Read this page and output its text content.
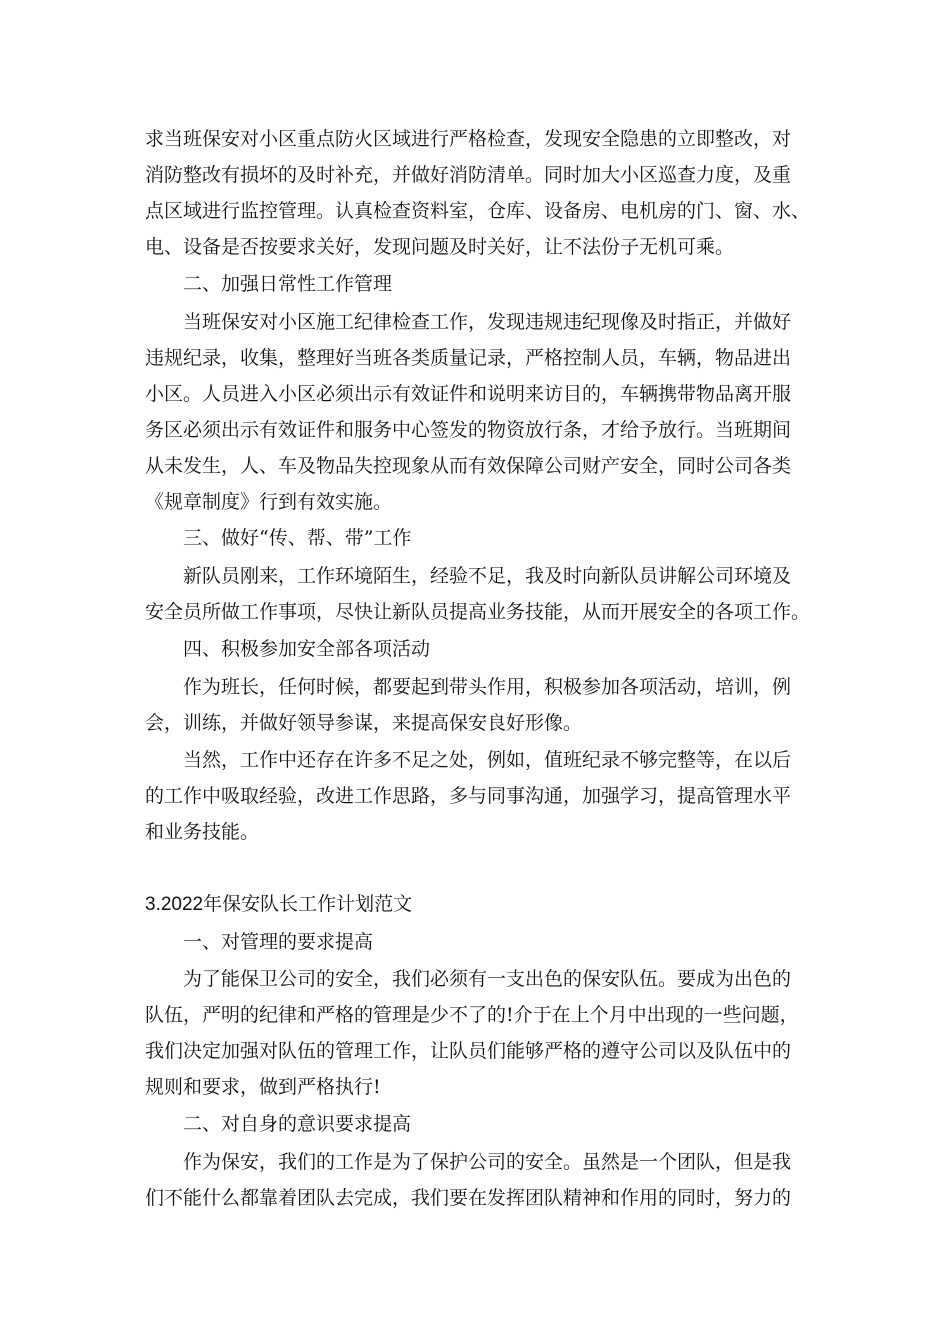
求当班保安对小区重点防火区域进行严格检查，发现安全隐患的立即整改，对
消防整改有损坏的及时补充，并做好消防清单。同时加大小区巡查力度，及重
点区域进行监控管理。认真检查资料室，仓库、设备房、电机房的门、窗、水、
电、设备是否按要求关好，发现问题及时关好，让不法份子无机可乘。
二、加强日常性工作管理
当班保安对小区施工纪律检查工作，发现违规违纪现像及时指正，并做好
违规纪录，收集，整理好当班各类质量记录，严格控制人员，车辆，物品进出
小区。人员进入小区必须出示有效证件和说明来访目的，车辆携带物品离开服
务区必须出示有效证件和服务中心签发的物资放行条，才给予放行。当班期间
从未发生，人、车及物品失控现象从而有效保障公司财产安全，同时公司各类
《规章制度》行到有效实施。
三、做好“传、帮、带”工作
新队员刚来，工作环境陌生，经验不足，我及时向新队员讲解公司环境及
安全员所做工作事项，尽快让新队员提高业务技能，从而开展安全的各项工作。
四、积极参加安全部各项活动
作为班长，任何时候，都要起到带头作用，积极参加各项活动，培训，例
会，训练，并做好领导参谋，来提高保安良好形像。
当然，工作中还存在许多不足之处，例如，值班纪录不够完整等，在以后
的工作中吸取经验，改进工作思路，多与同事沟通，加强学习，提高管理水平
和业务技能。
3.2022年保安队长工作计划范文
一、对管理的要求提高
为了能保卫公司的安全，我们必须有一支出色的保安队伍。要成为出色的
队伍，严明的纪律和严格的管理是少不了的!介于在上个月中出现的一些问题，
我们决定加强对队伍的管理工作，让队员们能够严格的遵守公司以及队伍中的
规则和要求，做到严格执行!
二、对自身的意识要求提高
作为保安，我们的工作是为了保护公司的安全。虽然是一个团队，但是我
们不能什么都靠着团队去完成，我们要在发挥团队精神和作用的同时，努力的
